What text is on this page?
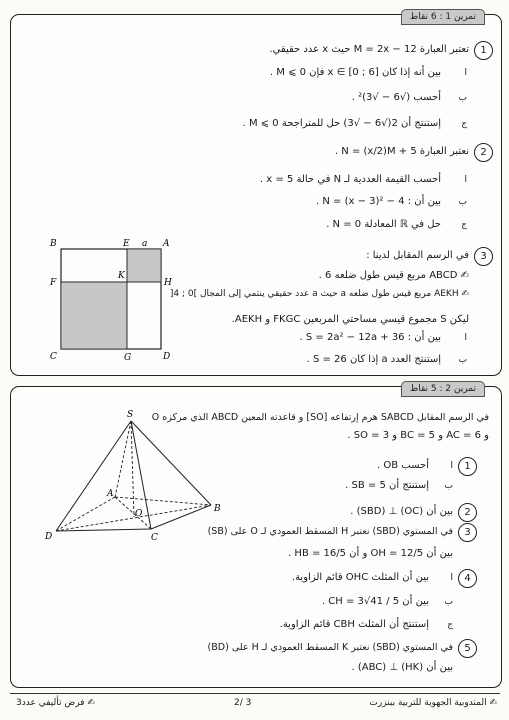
تمرين 1 : 6 نقاط
1
تعتبر العبارة M = 2x − 12 حيث x عدد حقيقي.
ا
بين أنه إذا كان x ∈ [0 ; 6] فإن M ⩽ 0 .
ب
أحسب (√6 − √3)² .
ج
إستنتج أن 2(√6 − √3) حل للمتراجحة M ⩽ 0 .
2
نعتبر العبارة N = (x/2)M + 5 .
ا
أحسب القيمة العددية لـ N في حالة x = 5 .
ب
بين أن : N = (x − 3)² − 4 .
ج
حل في ℝ المعادلة N = 0 .
3
في الرسم المقابل لدينا :
✍ ABCD مربع قيس طول ضلعه 6 .
✍ AEKH مربع قيس طول ضلعه a حيث a عدد حقيقي ينتمي إلى المجال ]0 ; 4[
ليكن S مجموع قيسي مساحتي المربعين FKGC و AEKH.
ا
بين أن : S = 2a² − 12a + 36 .
ب
إستنتج العدد a إذا كان S = 26 .
B	E a A
K
F	H
C	G	D
تمرين 2 : 5 نقاط
في الرسم المقابل SABCD هرم إرتفاعه [SO] و قاعدته المعين ABCD الذي مركزه O
و AC = 6 و BC = 5 و SO = 3 .
1
ا
أحسب OB .
ب
إستنتج أن SB = 5 .
2
بين أن (OC) ⊥ (SBD) .
3
في المستوي (SBD) نعتبر H المسقط العمودي لـ O على (SB)
بين أن OH = 12/5 و أن HB = 16/5 .
4
ا
بين أن المثلث OHC قائم الزاوية.
ب
بين أن CH = 3√41 / 5 .
ج
إستنتج أن المثلث CBH قائم الزاوية.
5
في المستوي (SBD) نعتبر K المسقط العمودي لـ H على (BD)
بين أن (HK) ⊥ (ABC) .
S
A
B
C
D
O
✍ فرض تأليفي عدد3	2/ 3	✍ المندوبية الجهوية للتربية ببنزرت
